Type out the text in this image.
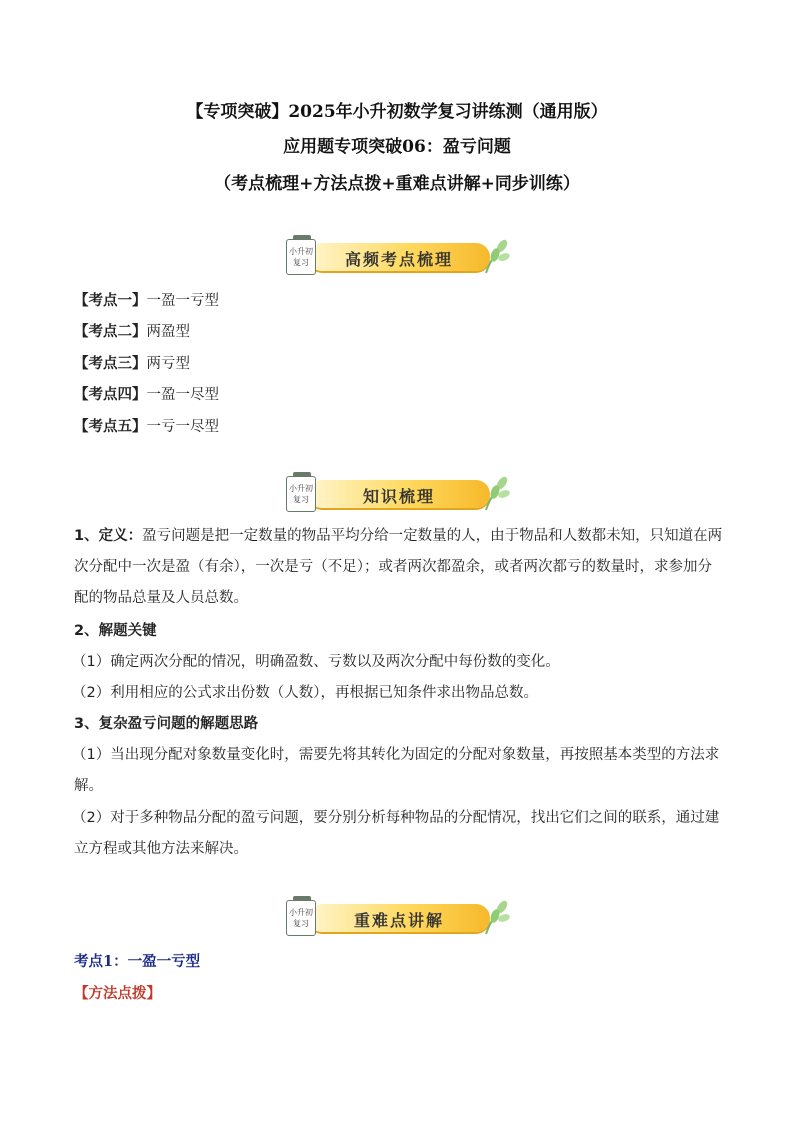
【专项突破】2025年小升初数学复习讲练测（通用版）
应用题专项突破06：盈亏问题
（考点梳理+方法点拨+重难点讲解+同步训练）
高频考点梳理
小升初
复习
【考点一】一盈一亏型
【考点二】两盈型
【考点三】两亏型
【考点四】一盈一尽型
【考点五】一亏一尽型
知识梳理
小升初
复习
1、定义：盈亏问题是把一定数量的物品平均分给一定数量的人，由于物品和人数都未知，只知道在两次分配中一次是盈（有余），一次是亏（不足）；或者两次都盈余，或者两次都亏的数量时，求参加分配的物品总量及人员总数。
2、解题关键
（1）确定两次分配的情况，明确盈数、亏数以及两次分配中每份数的变化。
（2）利用相应的公式求出份数（人数），再根据已知条件求出物品总数。
3、复杂盈亏问题的解题思路
（1）当出现分配对象数量变化时，需要先将其转化为固定的分配对象数量，再按照基本类型的方法求解。
（2）对于多种物品分配的盈亏问题，要分别分析每种物品的分配情况，找出它们之间的联系，通过建立方程或其他方法来解决。
重难点讲解
小升初
复习
考点1：一盈一亏型
【方法点拨】
